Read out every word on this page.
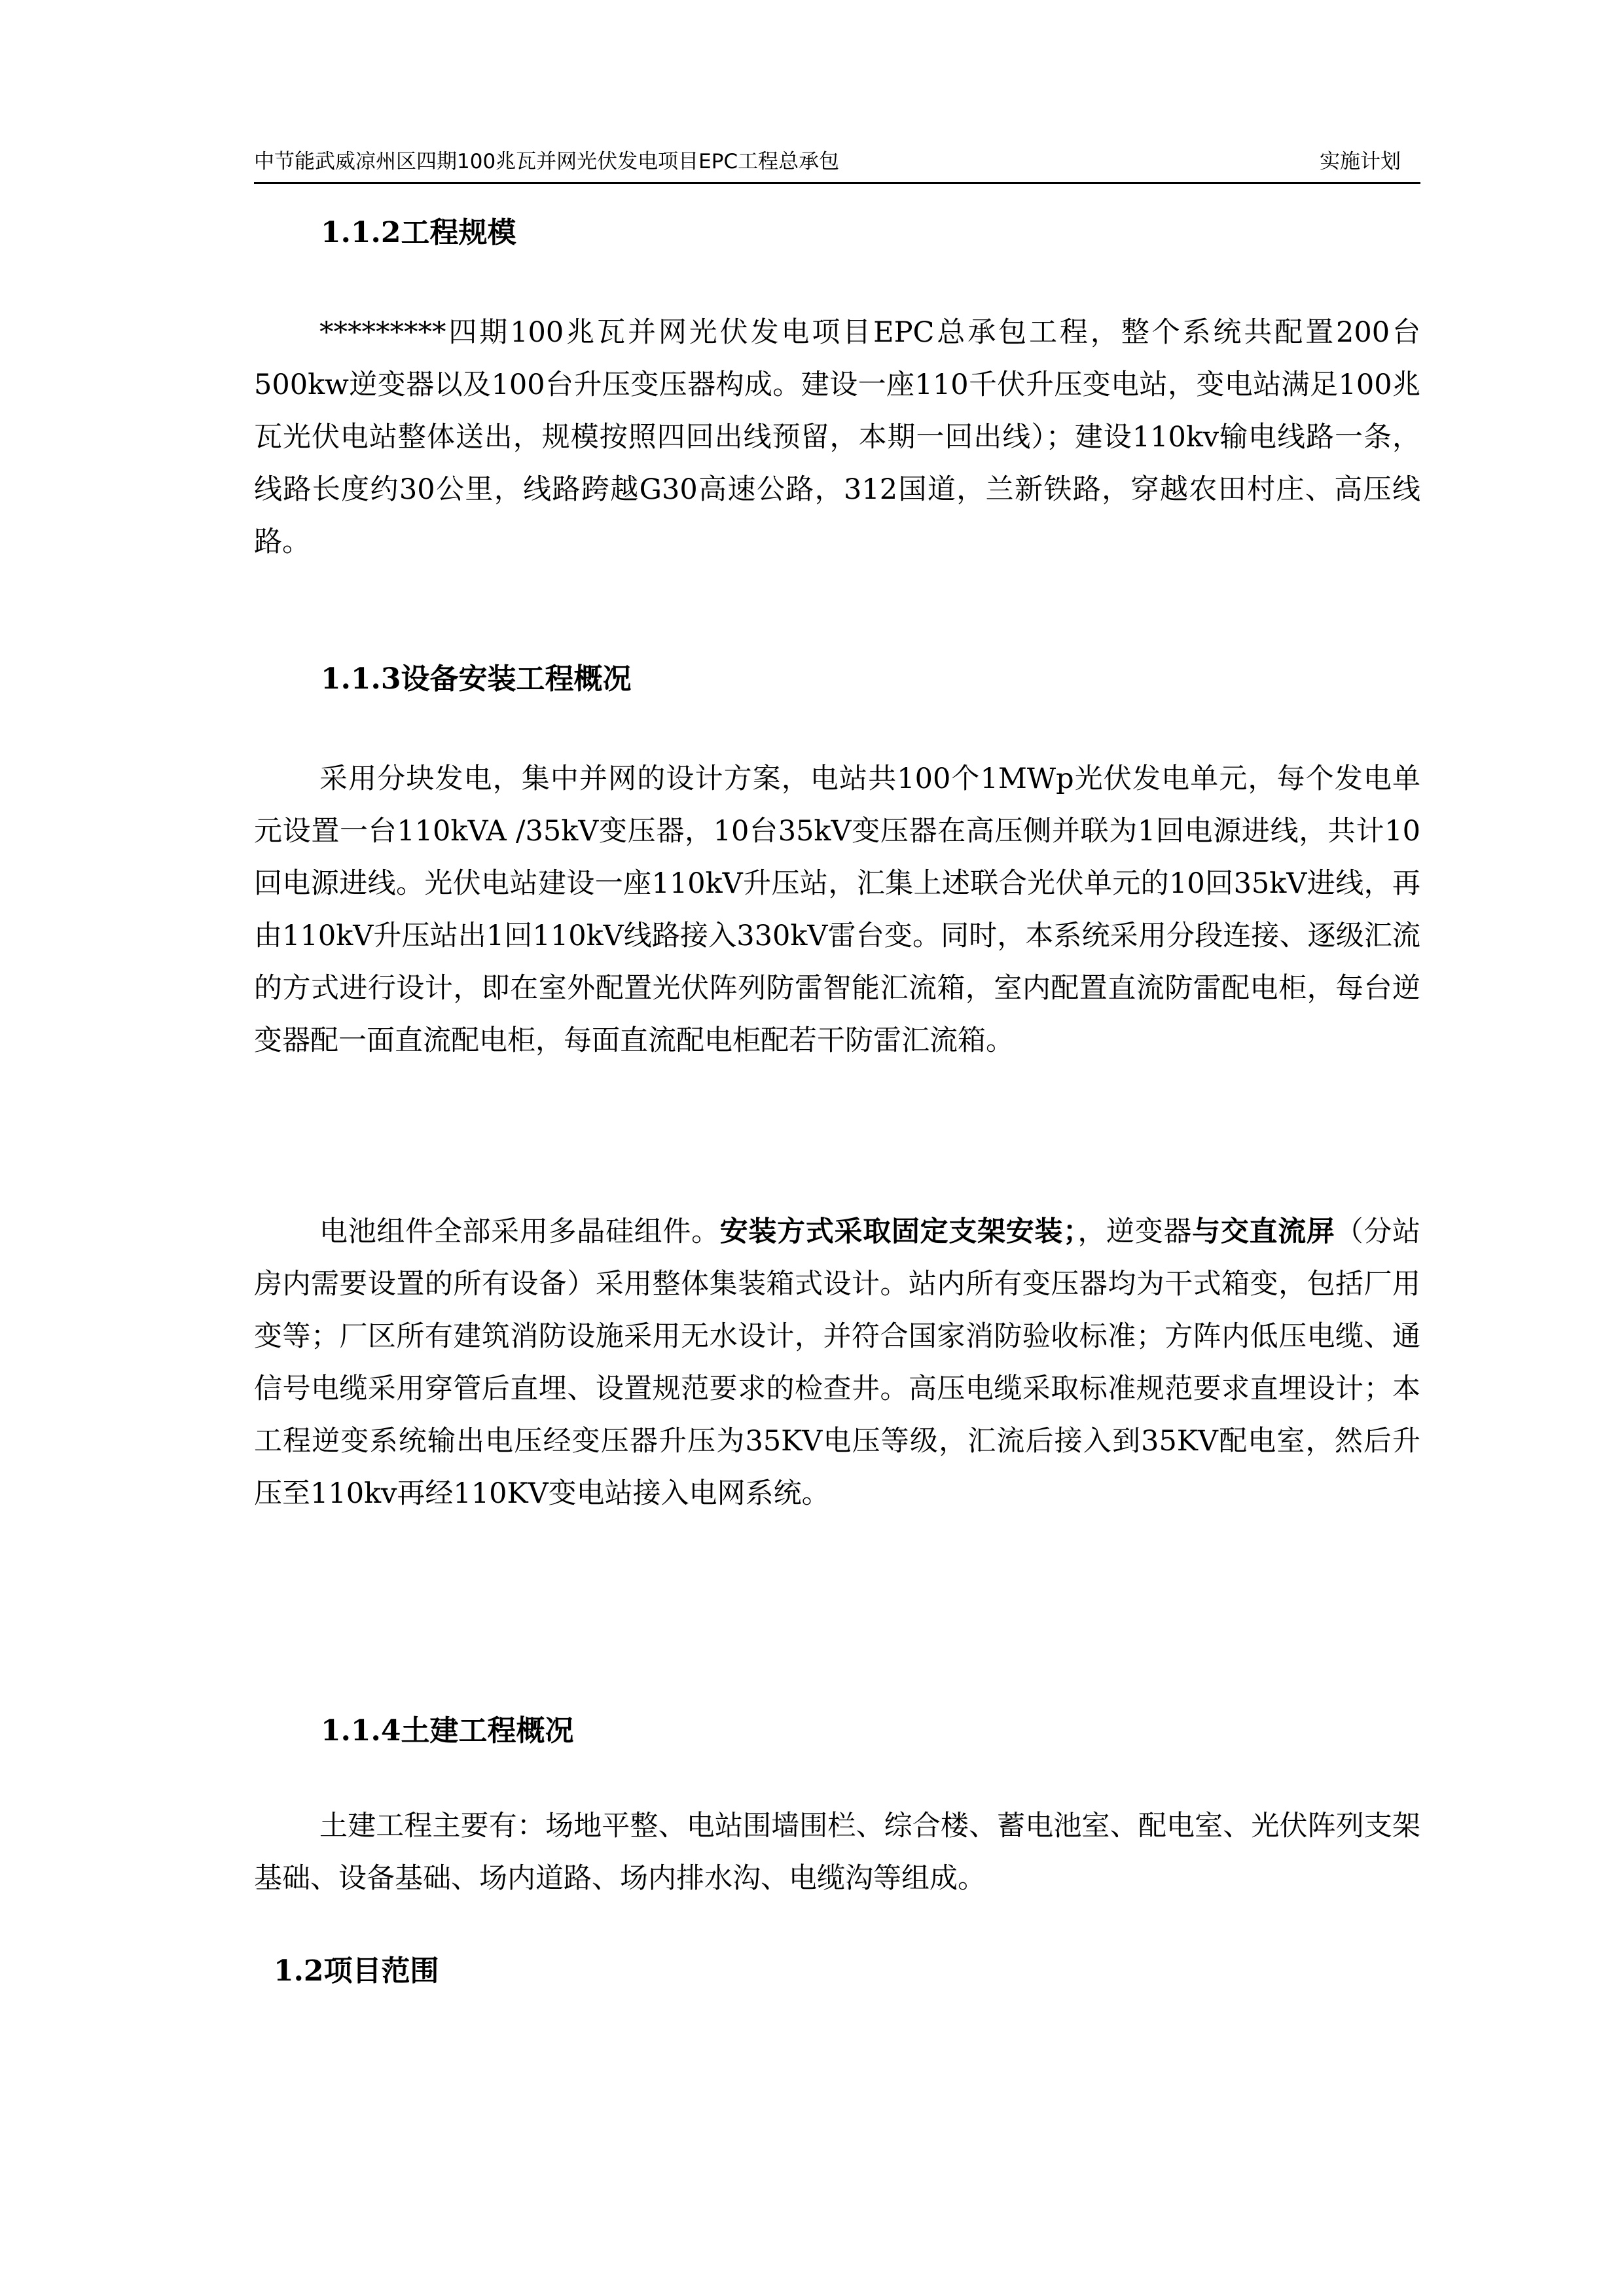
中节能武威凉州区四期100兆瓦并网光伏发电项目EPC工程总承包	实施计划
1.1.2工程规模
*********四期100兆瓦并网光伏发电项目EPC总承包工程，整个系统共配置200台500kw逆变器以及100台升压变压器构成。建设一座110千伏升压变电站，变电站满足100兆瓦光伏电站整体送出，规模按照四回出线预留，本期一回出线）；建设110kv输电线路一条，线路长度约30公里，线路跨越G30高速公路，312国道，兰新铁路，穿越农田村庄、高压线路。
1.1.3设备安装工程概况
采用分块发电，集中并网的设计方案，电站共100个1MWp光伏发电单元，每个发电单元设置一台110kVA /35kV变压器，10台35kV变压器在高压侧并联为1回电源进线，共计10回电源进线。光伏电站建设一座110kV升压站，汇集上述联合光伏单元的10回35kV进线，再由110kV升压站出1回110kV线路接入330kV雷台变。同时，本系统采用分段连接、逐级汇流的方式进行设计，即在室外配置光伏阵列防雷智能汇流箱，室内配置直流防雷配电柜，每台逆变器配一面直流配电柜，每面直流配电柜配若干防雷汇流箱。
电池组件全部采用多晶硅组件。安装方式采取固定支架安装；，逆变器与交直流屏（分站房内需要设置的所有设备）采用整体集装箱式设计。站内所有变压器均为干式箱变，包括厂用变等；厂区所有建筑消防设施采用无水设计，并符合国家消防验收标准；方阵内低压电缆、通信号电缆采用穿管后直埋、设置规范要求的检查井。高压电缆采取标准规范要求直埋设计；本工程逆变系统输出电压经变压器升压为35KV电压等级，汇流后接入到35KV配电室，然后升压至110kv再经110KV变电站接入电网系统。
1.1.4土建工程概况
土建工程主要有：场地平整、电站围墙围栏、综合楼、蓄电池室、配电室、光伏阵列支架基础、设备基础、场内道路、场内排水沟、电缆沟等组成。
1.2项目范围
